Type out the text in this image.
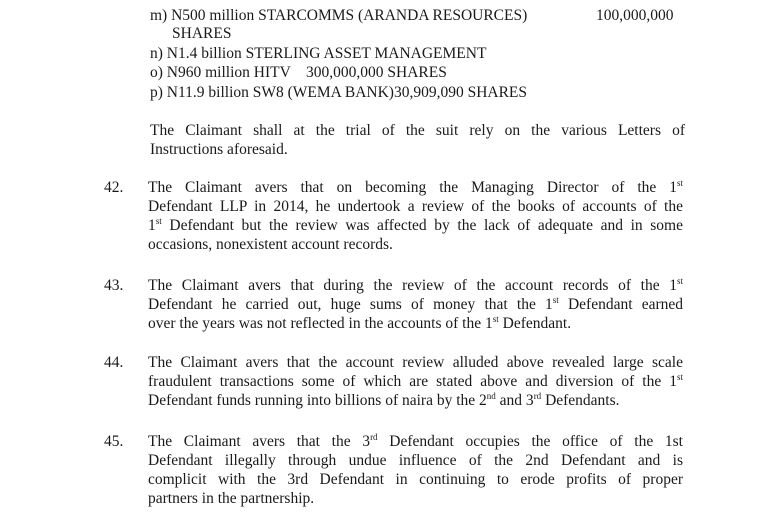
m) N500 million STARCOMMS (ARANDA RESOURCES)	100,000,000
SHARES
n) N1.4 billion STERLING ASSET MANAGEMENT
o) N960 million HITV    300,000,000 SHARES
p) N11.9 billion SW8 (WEMA BANK)30,909,090 SHARES
The Claimant shall at the trial of the suit rely on the various Letters of
Instructions aforesaid.
42. The Claimant avers that on becoming the Managing Director of the 1st
Defendant LLP in 2014, he undertook a review of the books of accounts of the
1st Defendant but the review was affected by the lack of adequate and in some
occasions, nonexistent account records.
43. The Claimant avers that during the review of the account records of the 1st
Defendant he carried out, huge sums of money that the 1st Defendant earned
over the years was not reflected in the accounts of the 1st Defendant.
44. The Claimant avers that the account review alluded above revealed large scale
fraudulent transactions some of which are stated above and diversion of the 1st
Defendant funds running into billions of naira by the 2nd and 3rd Defendants.
45. The Claimant avers that the 3rd Defendant occupies the office of the 1st
Defendant illegally through undue influence of the 2nd Defendant and is
complicit with the 3rd Defendant in continuing to erode profits of proper
partners in the partnership.
